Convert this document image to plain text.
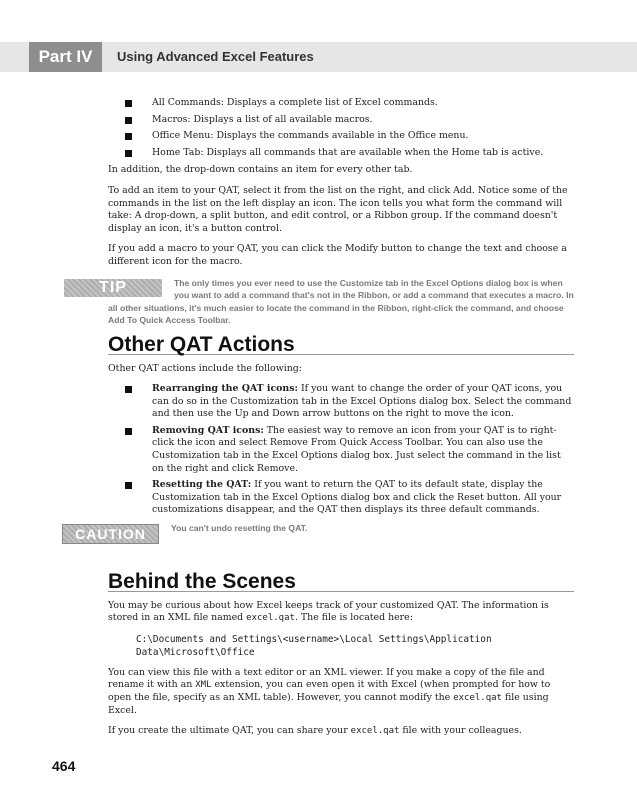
Part IV	Using Advanced Excel Features
All Commands: Displays a complete list of Excel commands.
Macros: Displays a list of all available macros.
Office Menu: Displays the commands available in the Office menu.
Home Tab: Displays all commands that are available when the Home tab is active.

In addition, the drop-down contains an item for every other tab.

To add an item to your QAT, select it from the list on the right, and click Add. Notice some of the commands in the list on the left display an icon. The icon tells you what form the command will take: A drop-down, a split button, and edit control, or a Ribbon group. If the command doesn't display an icon, it's a button control.

If you add a macro to your QAT, you can click the Modify button to change the text and choose a different icon for the macro.

TIP	The only times you ever need to use the Customize tab in the Excel Options dialog box is when you want to add a command that's not in the Ribbon, or add a command that executes a macro. In all other situations, it's much easier to locate the command in the Ribbon, right-click the command, and choose Add To Quick Access Toolbar.
Other QAT Actions

Other QAT actions include the following:

Rearranging the QAT icons: If you want to change the order of your QAT icons, you can do so in the Customization tab in the Excel Options dialog box. Select the command and then use the Up and Down arrow buttons on the right to move the icon.
Removing QAT icons: The easiest way to remove an icon from your QAT is to right-click the icon and select Remove From Quick Access Toolbar. You can also use the Customization tab in the Excel Options dialog box. Just select the command in the list on the right and click Remove.
Resetting the QAT: If you want to return the QAT to its default state, display the Customization tab in the Excel Options dialog box and click the Reset button. All your customizations disappear, and the QAT then displays its three default commands.
CAUTION	You can't undo resetting the QAT.
Behind the Scenes

You may be curious about how Excel keeps track of your customized QAT. The information is stored in an XML file named excel.qat. The file is located here:

C:\Documents and Settings\<username>\Local Settings\Application
Data\Microsoft\Office

You can view this file with a text editor or an XML viewer. If you make a copy of the file and rename it with an XML extension, you can even open it with Excel (when prompted for how to open the file, specify as an XML table). However, you cannot modify the excel.qat file using Excel.

If you create the ultimate QAT, you can share your excel.qat file with your colleagues.

464
